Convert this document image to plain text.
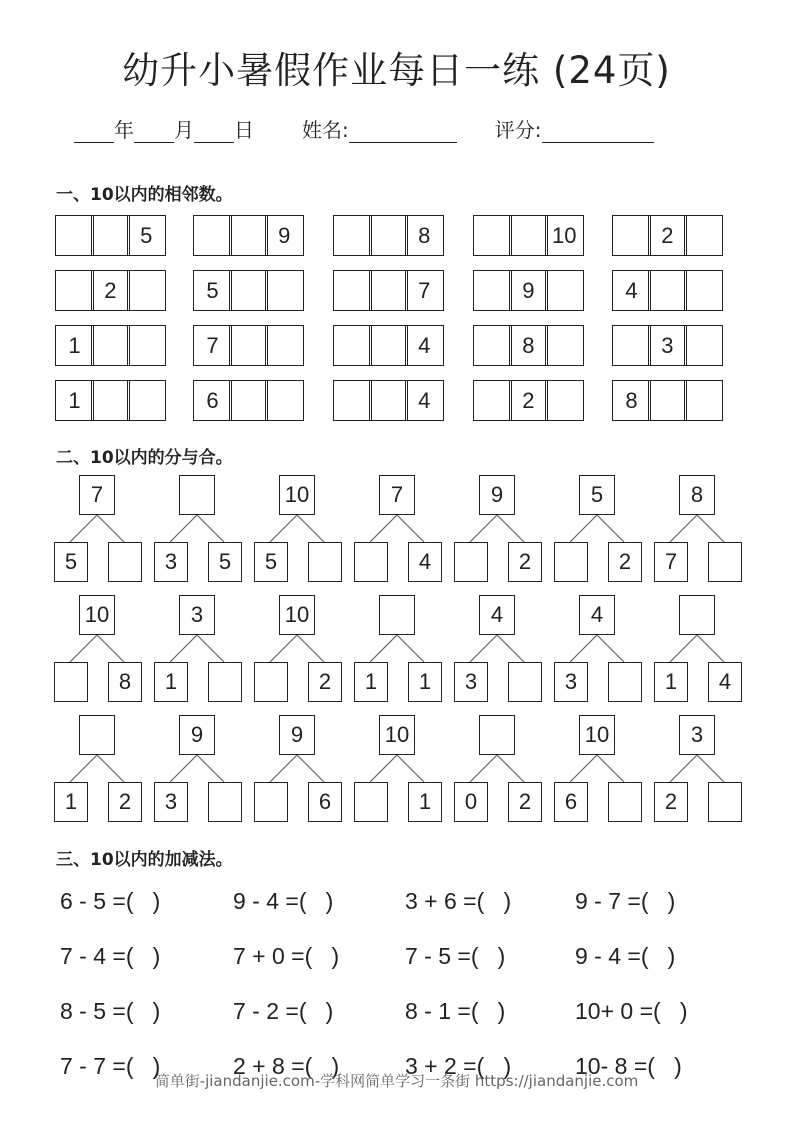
幼升小暑假作业每日一练 (24页)
年 月 日 姓名:	评分:
一、10以内的相邻数。
二、10以内的分与合。
三、10以内的加减法。
5	9	8	10	2
2	5	7	9	4
1	7	4	8	3
1	6	4	2	8
7
5	3	5
10
5
7
4
9
2
5
2
8
7
10
8
3
1
10
2	1	1
4
3
4
3	1	4
1	2
9
3
9
6
10
1	0	2
10
6
3
2
6 - 5 =(   )	9 - 4 =(   )	3 + 6 =(   )	9 - 7 =(   )
7 - 4 =(   )	7 + 0 =(   )	7 - 5 =(   )	9 - 4 =(   )
8 - 5 =(   )	7 - 2 =(   )	8 - 1 =(   )	10+ 0 =(   )
7 - 7 =(   )	2 + 8 =(   )	3 + 2 =(   )	10- 8 =(   )
简单街-jiandanjie.com-学科网简单学习一条街 https://jiandanjie.com
